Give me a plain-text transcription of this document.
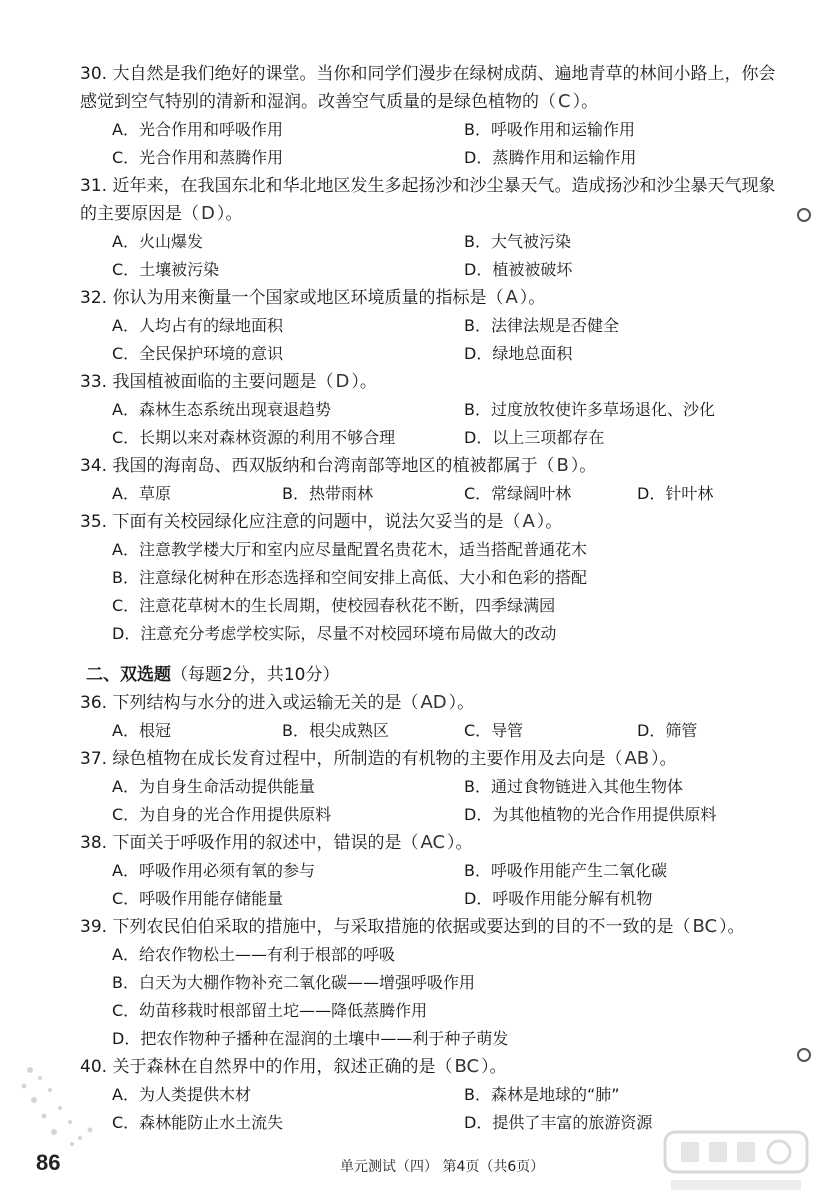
30. 大自然是我们绝好的课堂。当你和同学们漫步在绿树成荫、遍地青草的林间小路上，你会
感觉到空气特别的清新和湿润。改善空气质量的是绿色植物的（ C ）。
A．光合作用和呼吸作用	B．呼吸作用和运输作用
C．光合作用和蒸腾作用	D．蒸腾作用和运输作用
31. 近年来，在我国东北和华北地区发生多起扬沙和沙尘暴天气。造成扬沙和沙尘暴天气现象
的主要原因是（ D ）。
A．火山爆发	B．大气被污染
C．土壤被污染	D．植被被破坏
32. 你认为用来衡量一个国家或地区环境质量的指标是（ A ）。
A．人均占有的绿地面积	B．法律法规是否健全
C．全民保护环境的意识	D．绿地总面积
33. 我国植被面临的主要问题是（ D ）。
A．森林生态系统出现衰退趋势	B．过度放牧使许多草场退化、沙化
C．长期以来对森林资源的利用不够合理	D．以上三项都存在
34. 我国的海南岛、西双版纳和台湾南部等地区的植被都属于（ B ）。
A．草原	B．热带雨林	C．常绿阔叶林	D．针叶林
35. 下面有关校园绿化应注意的问题中，说法欠妥当的是（ A ）。
A．注意教学楼大厅和室内应尽量配置名贵花木，适当搭配普通花木
B．注意绿化树种在形态选择和空间安排上高低、大小和色彩的搭配
C．注意花草树木的生长周期，使校园春秋花不断，四季绿满园
D．注意充分考虑学校实际，尽量不对校园环境布局做大的改动
二、双选题（每题2分，共10分）
36. 下列结构与水分的进入或运输无关的是（ AD ）。
A．根冠	B．根尖成熟区	C．导管	D．筛管
37. 绿色植物在成长发育过程中，所制造的有机物的主要作用及去向是（ AB ）。
A．为自身生命活动提供能量	B．通过食物链进入其他生物体
C．为自身的光合作用提供原料	D．为其他植物的光合作用提供原料
38. 下面关于呼吸作用的叙述中，错误的是（ AC ）。
A．呼吸作用必须有氧的参与	B．呼吸作用能产生二氧化碳
C．呼吸作用能存储能量	D．呼吸作用能分解有机物
39. 下列农民伯伯采取的措施中，与采取措施的依据或要达到的目的不一致的是（ BC ）。
A．给农作物松土——有利于根部的呼吸
B．白天为大棚作物补充二氧化碳——增强呼吸作用
C．幼苗移栽时根部留土坨——降低蒸腾作用
D．把农作物种子播种在湿润的土壤中——利于种子萌发
40. 关于森林在自然界中的作用，叙述正确的是（ BC ）。
A．为人类提供木材	B．森林是地球的“肺”
C．森林能防止水土流失	D．提供了丰富的旅游资源
86	单元测试（四） 第4页（共6页）
